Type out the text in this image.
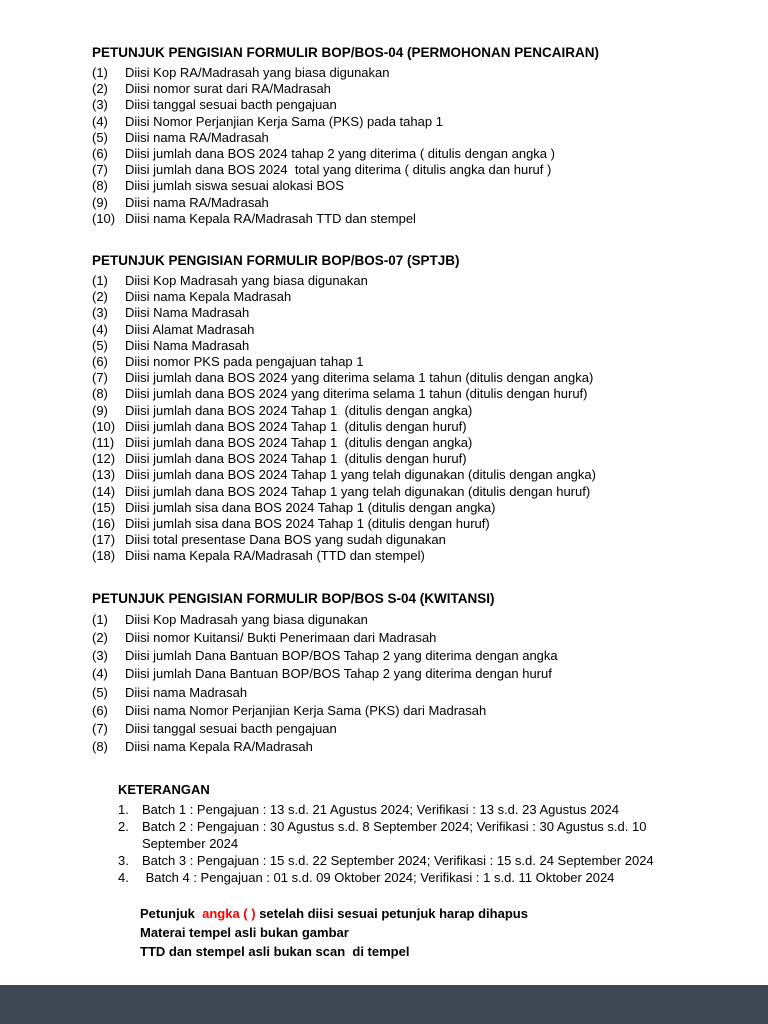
PETUNJUK PENGISIAN FORMULIR BOP/BOS-04 (PERMOHONAN PENCAIRAN)
(1)	Diisi Kop RA/Madrasah yang biasa digunakan
(2)	Diisi nomor surat dari RA/Madrasah
(3)	Diisi tanggal sesuai bacth pengajuan
(4)	Diisi Nomor Perjanjian Kerja Sama (PKS) pada tahap 1
(5)	Diisi nama RA/Madrasah
(6)	Diisi jumlah dana BOS 2024 tahap 2 yang diterima ( ditulis dengan angka )
(7)	Diisi jumlah dana BOS 2024  total yang diterima ( ditulis angka dan huruf )
(8)	Diisi jumlah siswa sesuai alokasi BOS
(9)	Diisi nama RA/Madrasah
(10) Diisi nama Kepala RA/Madrasah TTD dan stempel
PETUNJUK PENGISIAN FORMULIR BOP/BOS-07 (SPTJB)
(1)	Diisi Kop Madrasah yang biasa digunakan
(2)	Diisi nama Kepala Madrasah
(3)	Diisi Nama Madrasah
(4)	Diisi Alamat Madrasah
(5)	Diisi Nama Madrasah
(6)	Diisi nomor PKS pada pengajuan tahap 1
(7)	Diisi jumlah dana BOS 2024 yang diterima selama 1 tahun (ditulis dengan angka)
(8)	Diisi jumlah dana BOS 2024 yang diterima selama 1 tahun (ditulis dengan huruf)
(9)	Diisi jumlah dana BOS 2024 Tahap 1  (ditulis dengan angka)
(10) Diisi jumlah dana BOS 2024 Tahap 1  (ditulis dengan huruf)
(11) Diisi jumlah dana BOS 2024 Tahap 1  (ditulis dengan angka)
(12) Diisi jumlah dana BOS 2024 Tahap 1  (ditulis dengan huruf)
(13) Diisi jumlah dana BOS 2024 Tahap 1 yang telah digunakan (ditulis dengan angka)
(14) Diisi jumlah dana BOS 2024 Tahap 1 yang telah digunakan (ditulis dengan huruf)
(15) Diisi jumlah sisa dana BOS 2024 Tahap 1 (ditulis dengan angka)
(16) Diisi jumlah sisa dana BOS 2024 Tahap 1 (ditulis dengan huruf)
(17) Diisi total presentase Dana BOS yang sudah digunakan
(18) Diisi nama Kepala RA/Madrasah (TTD dan stempel)
PETUNJUK PENGISIAN FORMULIR BOP/BOS S-04 (KWITANSI)
(1)	Diisi Kop Madrasah yang biasa digunakan
(2)	Diisi nomor Kuitansi/ Bukti Penerimaan dari Madrasah
(3)	Diisi jumlah Dana Bantuan BOP/BOS Tahap 2 yang diterima dengan angka
(4)	Diisi jumlah Dana Bantuan BOP/BOS Tahap 2 yang diterima dengan huruf
(5)	Diisi nama Madrasah
(6)	Diisi nama Nomor Perjanjian Kerja Sama (PKS) dari Madrasah
(7)	Diisi tanggal sesuai bacth pengajuan
(8)	Diisi nama Kepala RA/Madrasah
KETERANGAN
1.	Batch 1 : Pengajuan : 13 s.d. 21 Agustus 2024; Verifikasi : 13 s.d. 23 Agustus 2024
2.	Batch 2 : Pengajuan : 30 Agustus s.d. 8 September 2024; Verifikasi : 30 Agustus s.d. 10 September 2024
3.	Batch 3 : Pengajuan : 15 s.d. 22 September 2024; Verifikasi : 15 s.d. 24 September 2024
4.	Batch 4 : Pengajuan : 01 s.d. 09 Oktober 2024; Verifikasi : 1 s.d. 11 Oktober 2024
Petunjuk  angka ( ) setelah diisi sesuai petunjuk harap dihapus
Materai tempel asli bukan gambar
TTD dan stempel asli bukan scan  di tempel
